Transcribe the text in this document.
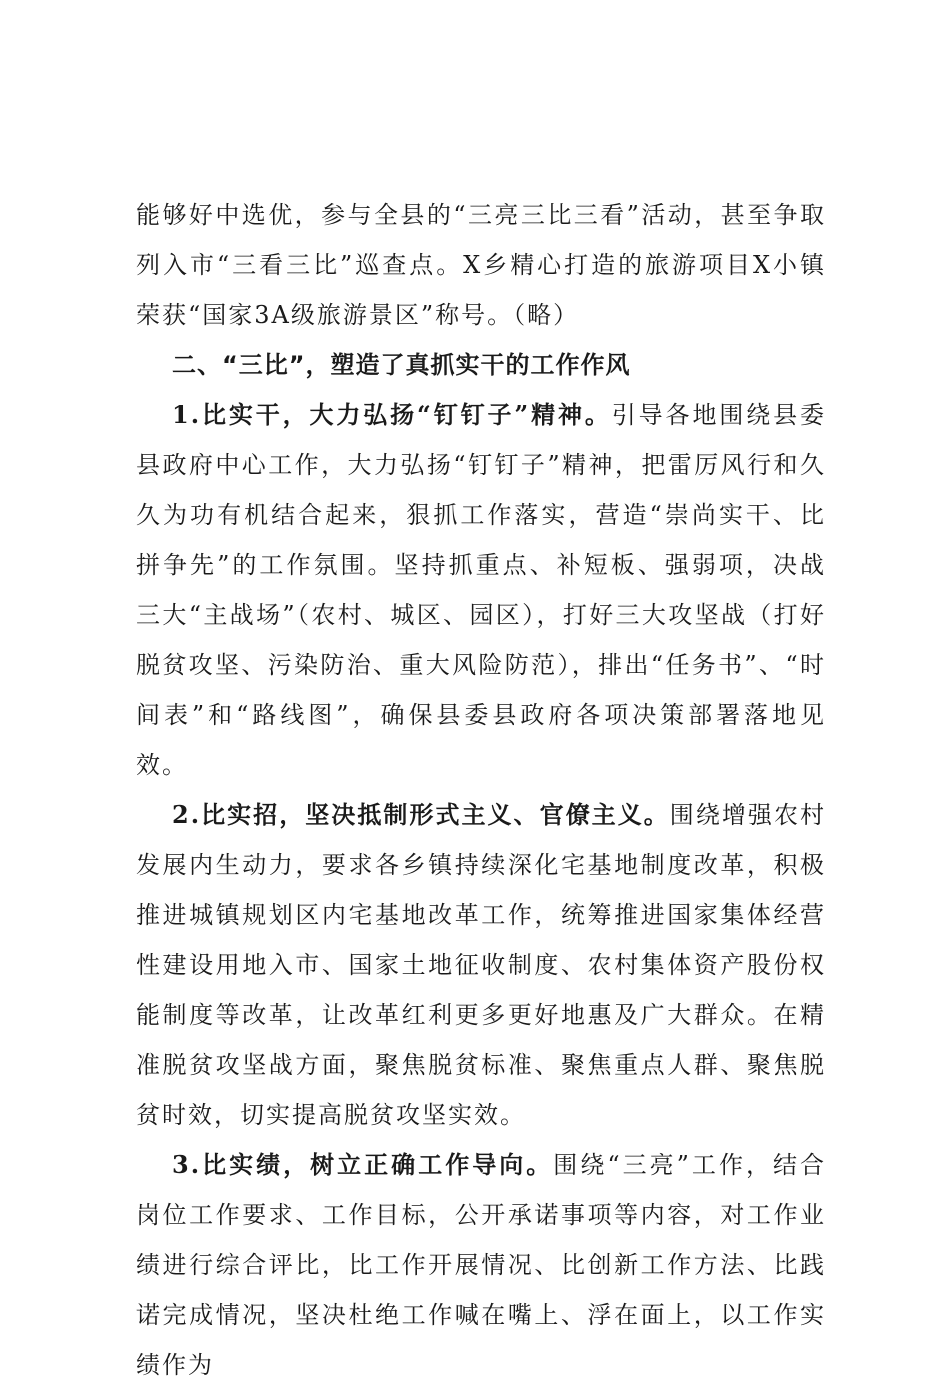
能够好中选优，参与全县的“三亮三比三看”活动，甚至争取列入市“三看三比”巡查点。X乡精心打造的旅游项目X小镇荣获“国家3A级旅游景区”称号。（略）

二、“三比”，塑造了真抓实干的工作作风

1.比实干，大力弘扬“钉钉子”精神。引导各地围绕县委县政府中心工作，大力弘扬“钉钉子”精神，把雷厉风行和久久为功有机结合起来，狠抓工作落实，营造“崇尚实干、比拼争先”的工作氛围。坚持抓重点、补短板、强弱项，决战三大“主战场”（农村、城区、园区），打好三大攻坚战（打好脱贫攻坚、污染防治、重大风险防范），排出“任务书”、“时间表”和“路线图”，确保县委县政府各项决策部署落地见效。

2.比实招，坚决抵制形式主义、官僚主义。围绕增强农村发展内生动力，要求各乡镇持续深化宅基地制度改革，积极推进城镇规划区内宅基地改革工作，统筹推进国家集体经营性建设用地入市、国家土地征收制度、农村集体资产股份权能制度等改革，让改革红利更多更好地惠及广大群众。在精准脱贫攻坚战方面，聚焦脱贫标准、聚焦重点人群、聚焦脱贫时效，切实提高脱贫攻坚实效。

3.比实绩，树立正确工作导向。围绕“三亮”工作，结合岗位工作要求、工作目标，公开承诺事项等内容，对工作业绩进行综合评比，比工作开展情况、比创新工作方法、比践诺完成情况，坚决杜绝工作喊在嘴上、浮在面上，以工作实绩作为
